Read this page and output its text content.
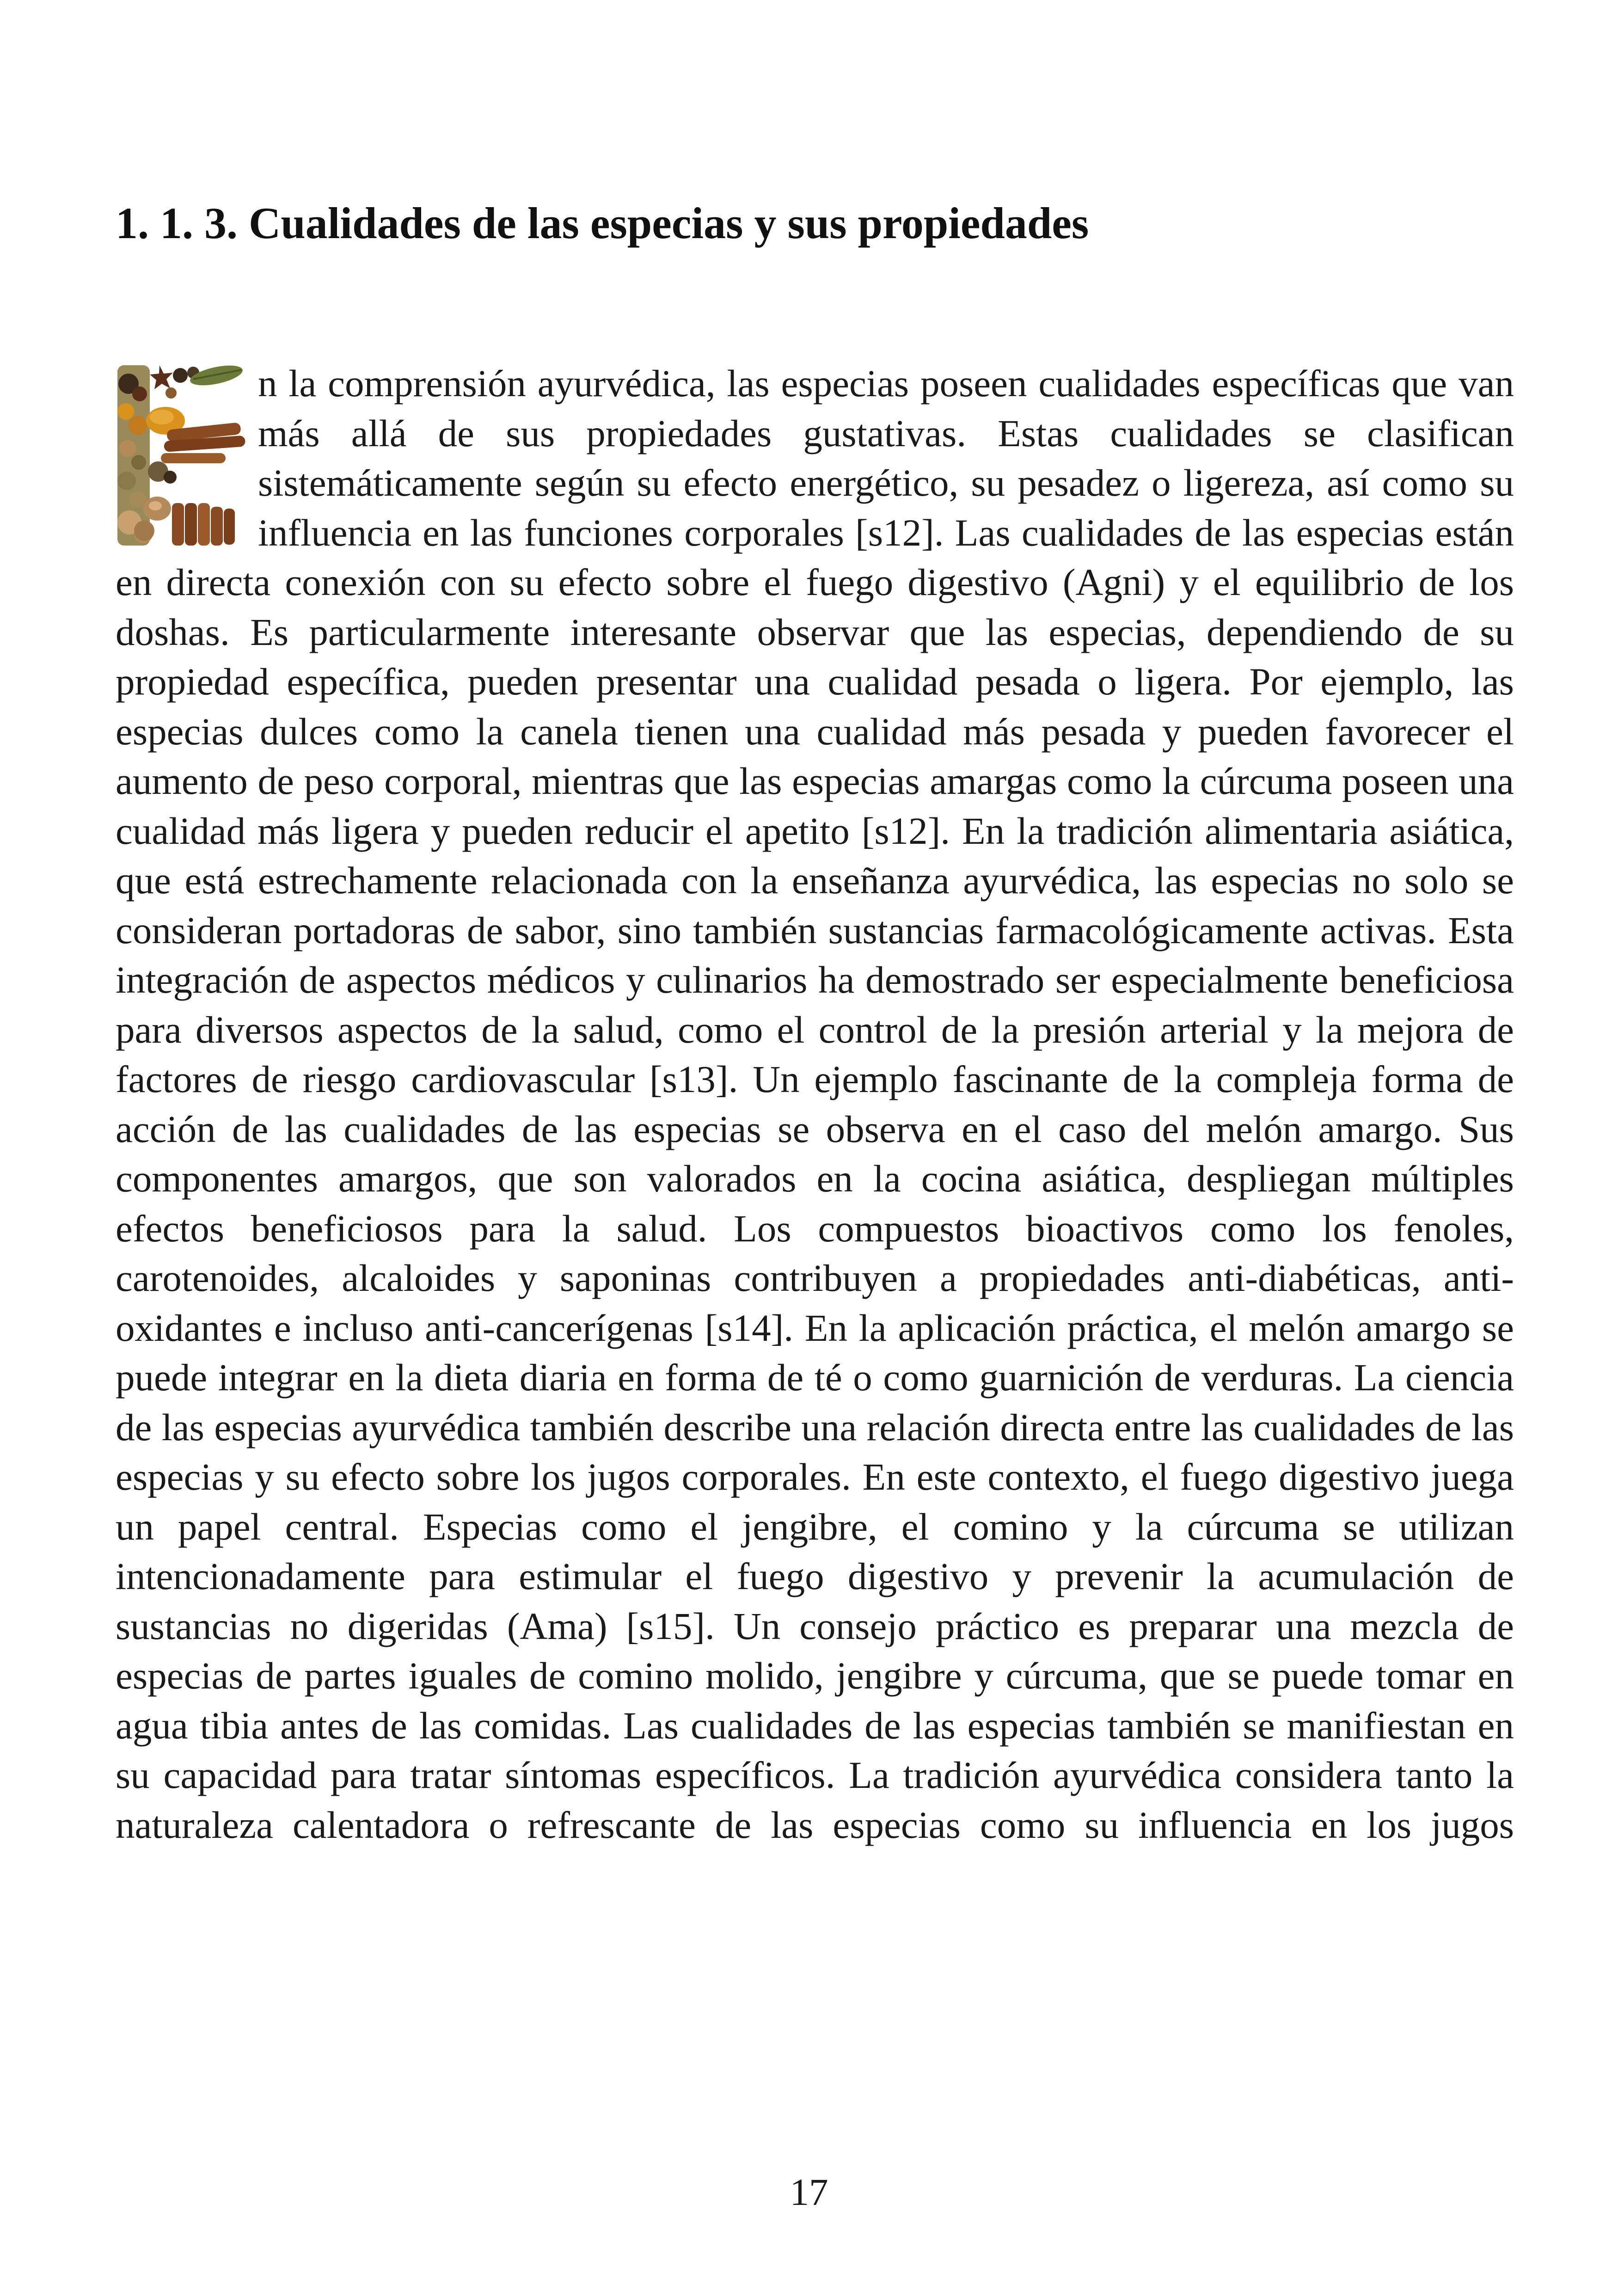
1. 1. 3. Cualidades de las especias y sus propiedades

n la comprensión ayurvédica, las especias poseen cualidades específicas que van más allá de sus propiedades gustativas. Estas cualidades se clasifican sistemáticamente según su efecto energético, su pesadez o ligereza, así como su influencia en las funciones corporales [s12]. Las cualidades de las especias están en directa conexión con su efecto sobre el fuego digestivo (Agni) y el equilibrio de los doshas. Es particularmente interesante observar que las especias, dependiendo de su propiedad específica, pueden presentar una cualidad pesada o ligera. Por ejemplo, las especias dulces como la canela tienen una cualidad más pesada y pueden favorecer el aumento de peso corporal, mientras que las especias amargas como la cúrcuma poseen una cualidad más ligera y pueden reducir el apetito [s12]. En la tradición alimentaria asiática, que está estrechamente relacionada con la enseñanza ayurvédica, las especias no solo se consideran portadoras de sabor, sino también sustancias farmacológicamente activas. Esta integración de aspectos médicos y culinarios ha demostrado ser especialmente beneficiosa para diversos aspectos de la salud, como el control de la presión arterial y la mejora de factores de riesgo cardiovascular [s13]. Un ejemplo fascinante de la compleja forma de acción de las cualidades de las especias se observa en el caso del melón amargo. Sus componentes amargos, que son valorados en la cocina asiática, despliegan múltiples efectos beneficiosos para la salud. Los compuestos bioactivos como los fenoles, carotenoides, alcaloides y saponinas contribuyen a propiedades anti-diabéticas, anti-oxidantes e incluso anti-cancerígenas [s14]. En la aplicación práctica, el melón amargo se puede integrar en la dieta diaria en forma de té o como guarnición de verduras. La ciencia de las especias ayurvédica también describe una relación directa entre las cualidades de las especias y su efecto sobre los jugos corporales. En este contexto, el fuego digestivo juega un papel central. Especias como el jengibre, el comino y la cúrcuma se utilizan intencionadamente para estimular el fuego digestivo y prevenir la acumulación de sustancias no digeridas (Ama) [s15]. Un consejo práctico es preparar una mezcla de especias de partes iguales de comino molido, jengibre y cúrcuma, que se puede tomar en agua tibia antes de las comidas. Las cualidades de las especias también se manifiestan en su capacidad para tratar síntomas específicos. La tradición ayurvédica considera tanto la naturaleza calentadora o refrescante de las especias como su influencia en los jugos

17
